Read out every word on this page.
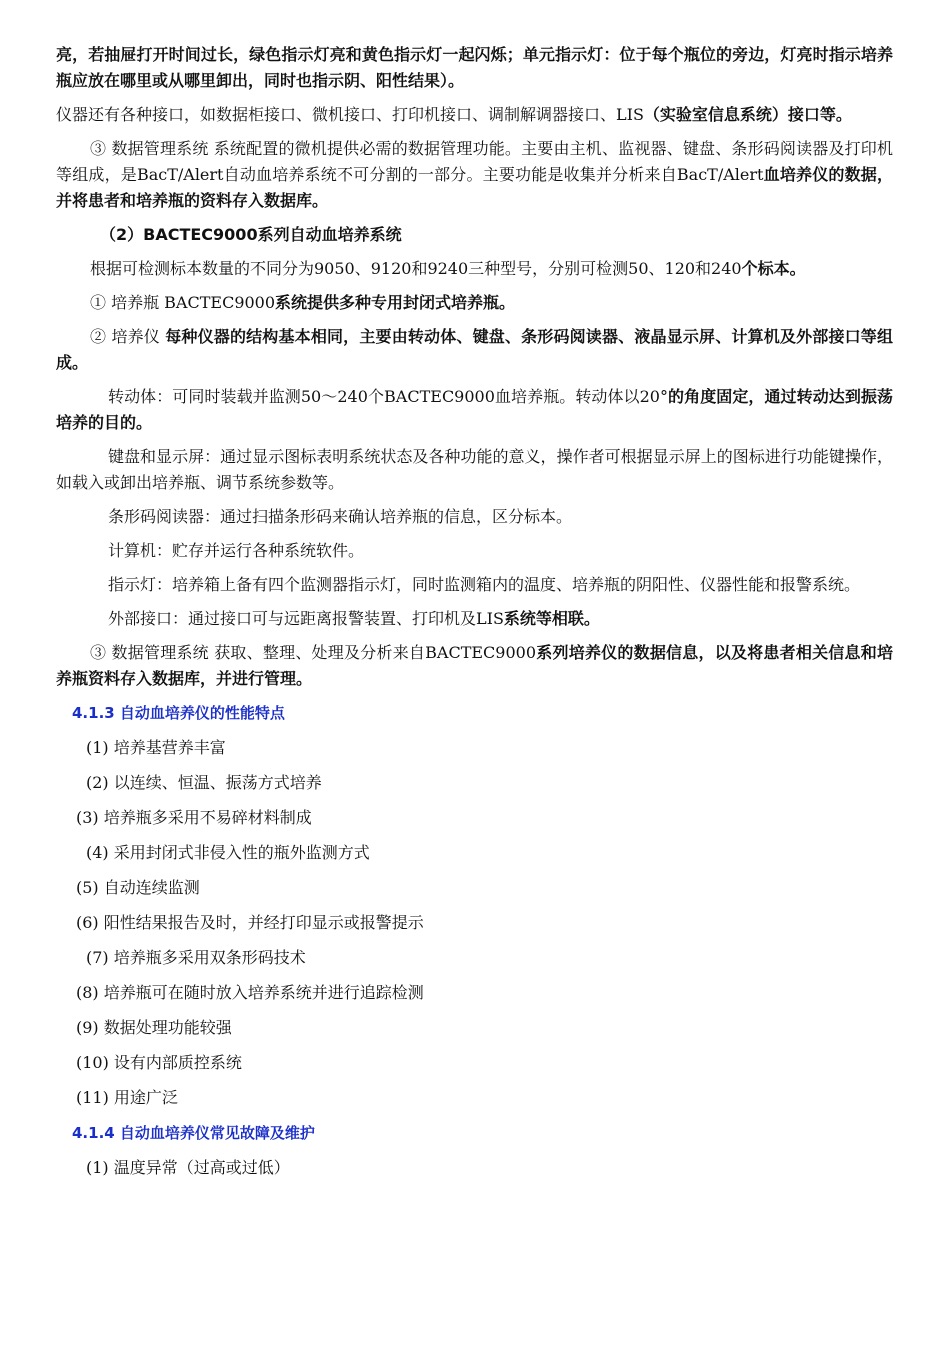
亮，若抽屉打开时间过长，绿色指示灯亮和黄色指示灯一起闪烁；单元指示灯：位于每个瓶位的旁边，灯亮时指示培养瓶应放在哪里或从哪里卸出，同时也指示阴、阳性结果）。

仪器还有各种接口，如数据柜接口、微机接口、打印机接口、调制解调器接口、LIS（实验室信息系统）接口等。

③ 数据管理系统 系统配置的微机提供必需的数据管理功能。主要由主机、监视器、键盘、条形码阅读器及打印机等组成，是BacT/Alert自动血培养系统不可分割的一部分。主要功能是收集并分析来自BacT/Alert血培养仪的数据，并将患者和培养瓶的资料存入数据库。

（2）BACTEC9000系列自动血培养系统

根据可检测标本数量的不同分为9050、9120和9240三种型号，分别可检测50、120和240个标本。

① 培养瓶 BACTEC9000系统提供多种专用封闭式培养瓶。

② 培养仪 每种仪器的结构基本相同，主要由转动体、键盘、条形码阅读器、液晶显示屏、计算机及外部接口等组成。

转动体：可同时装载并监测50～240个BACTEC9000血培养瓶。转动体以20°的角度固定，通过转动达到振荡培养的目的。

键盘和显示屏：通过显示图标表明系统状态及各种功能的意义，操作者可根据显示屏上的图标进行功能键操作，如载入或卸出培养瓶、调节系统参数等。

条形码阅读器：通过扫描条形码来确认培养瓶的信息，区分标本。

计算机：贮存并运行各种系统软件。

指示灯：培养箱上备有四个监测器指示灯，同时监测箱内的温度、培养瓶的阴阳性、仪器性能和报警系统。

外部接口：通过接口可与远距离报警装置、打印机及LIS系统等相联。

③ 数据管理系统 获取、整理、处理及分析来自BACTEC9000系列培养仪的数据信息，以及将患者相关信息和培养瓶资料存入数据库，并进行管理。

4.1.3 自动血培养仪的性能特点

(1) 培养基营养丰富

(2) 以连续、恒温、振荡方式培养

(3) 培养瓶多采用不易碎材料制成

(4) 采用封闭式非侵入性的瓶外监测方式

(5) 自动连续监测

(6) 阳性结果报告及时，并经打印显示或报警提示

(7) 培养瓶多采用双条形码技术

(8) 培养瓶可在随时放入培养系统并进行追踪检测

(9) 数据处理功能较强

(10) 设有内部质控系统

(11) 用途广泛

4.1.4 自动血培养仪常见故障及维护

(1) 温度异常（过高或过低）
